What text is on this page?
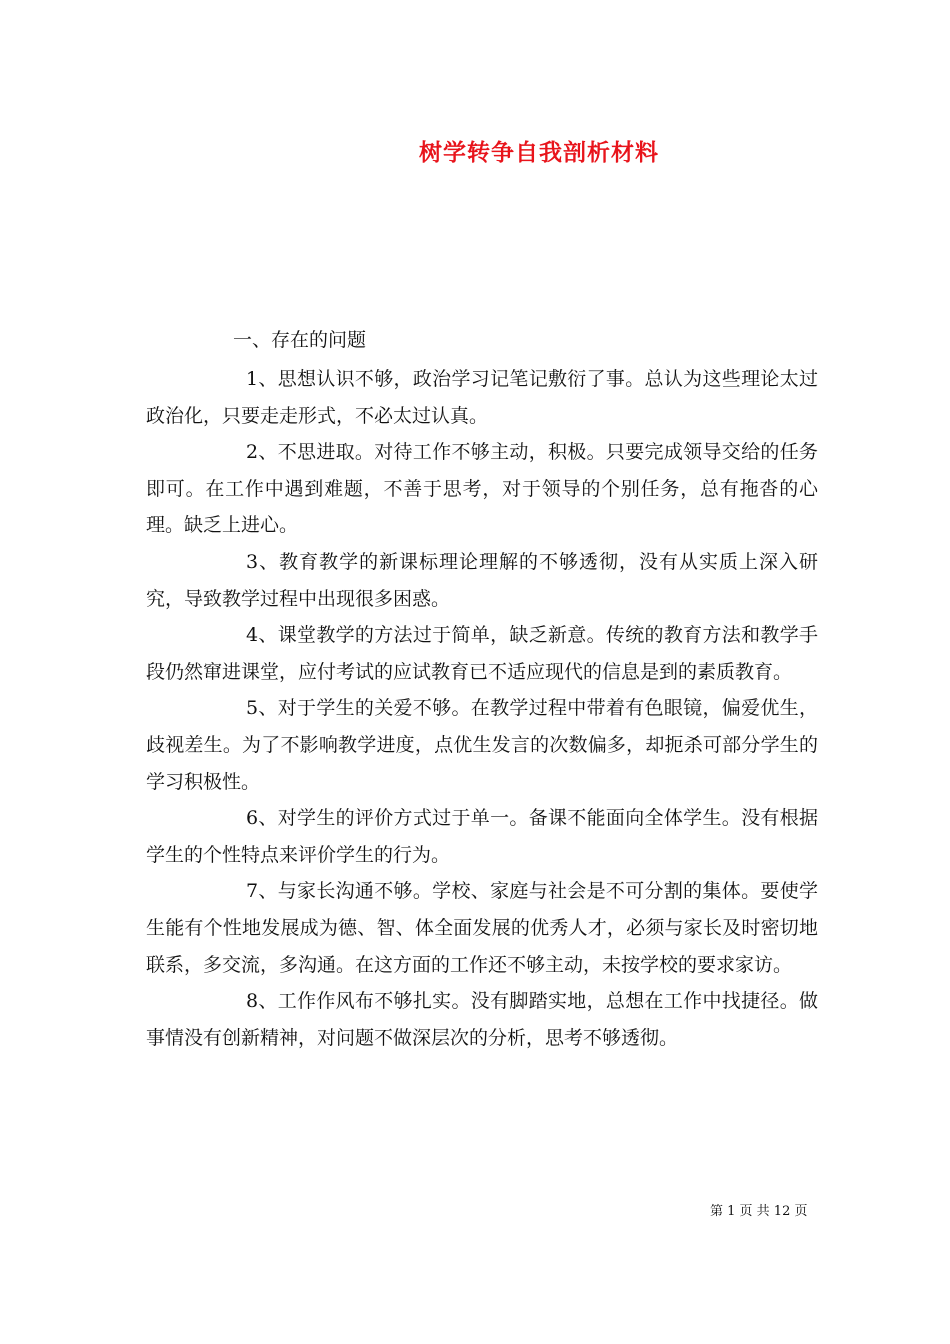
树学转争自我剖析材料
一、存在的问题

1、思想认识不够，政治学习记笔记敷衍了事。总认为这些理论太过政治化，只要走走形式，不必太过认真。

2、不思进取。对待工作不够主动，积极。只要完成领导交给的任务即可。在工作中遇到难题，不善于思考，对于领导的个别任务，总有拖沓的心理。缺乏上进心。

3、教育教学的新课标理论理解的不够透彻，没有从实质上深入研究，导致教学过程中出现很多困惑。

4、课堂教学的方法过于简单，缺乏新意。传统的教育方法和教学手段仍然窜进课堂，应付考试的应试教育已不适应现代的信息是到的素质教育。

5、对于学生的关爱不够。在教学过程中带着有色眼镜，偏爱优生，歧视差生。为了不影响教学进度，点优生发言的次数偏多，却扼杀可部分学生的学习积极性。

6、对学生的评价方式过于单一。备课不能面向全体学生。没有根据学生的个性特点来评价学生的行为。

7、与家长沟通不够。学校、家庭与社会是不可分割的集体。要使学生能有个性地发展成为德、智、体全面发展的优秀人才，必须与家长及时密切地联系，多交流，多沟通。在这方面的工作还不够主动，未按学校的要求家访。

8、工作作风布不够扎实。没有脚踏实地，总想在工作中找捷径。做事情没有创新精神，对问题不做深层次的分析，思考不够透彻。

第 1 页 共 12 页
